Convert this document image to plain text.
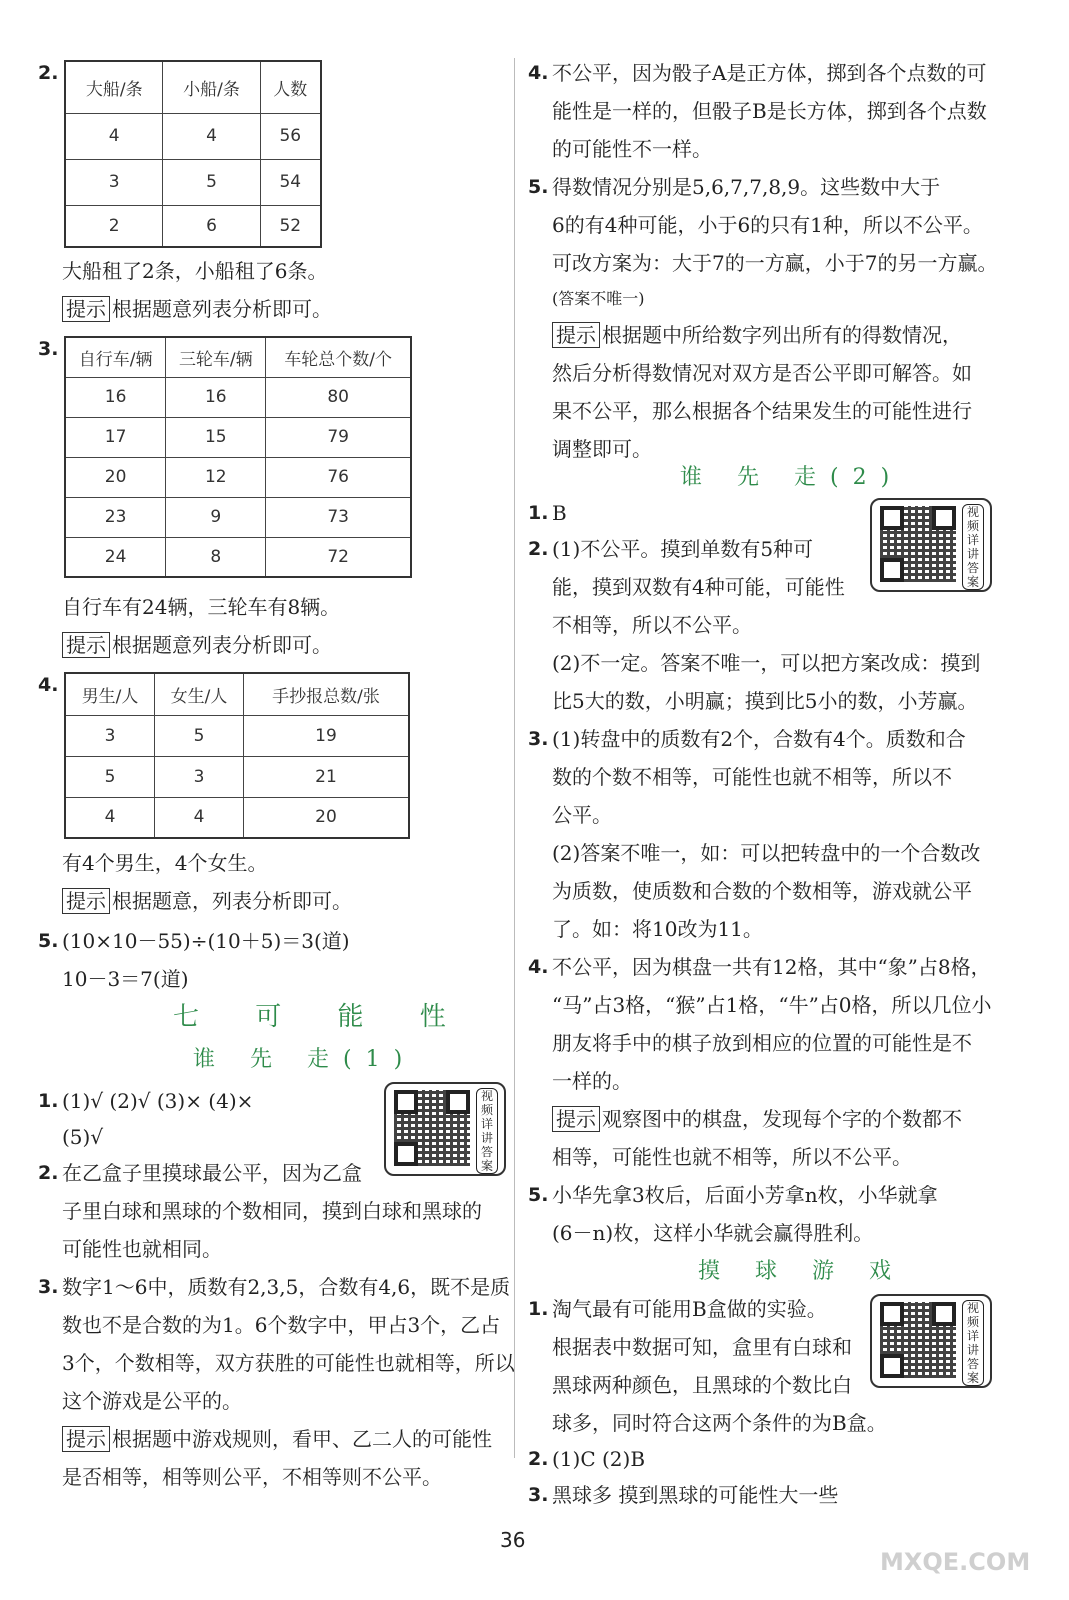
2.
大船/条	小船/条	人数
4	4	56
3	5	54
2	6	52
大船租了2条，小船租了6条。
提示 根据题意列表分析即可。
3. 自行车/辆	三轮车/辆	车轮总个数/个
16	16	80
17	15	79
20	12	76
23	9	73
24	8	72
自行车有24辆，三轮车有8辆。
提示 根据题意列表分析即可。
4.
男生/人	女生/人	手抄报总数/张
3	5	19
5	3	21
4	4	20
有4个男生，4个女生。
提示 根据题意，列表分析即可。
5. (10×10－55)÷(10＋5)＝3(道)
10－3＝7(道)
七 可 能 性
谁 先 走(1)
1. (1)√ (2)√ (3)× (4)×
(5)√
视频详讲答案
2. 在乙盒子里摸球最公平，因为乙盒
子里白球和黑球的个数相同，摸到白球和黑球的
可能性也就相同。
3. 数字1～6中，质数有2,3,5，合数有4,6，既不是质
数也不是合数的为1。6个数字中，甲占3个，乙占
3个，个数相等，双方获胜的可能性也就相等，所以
这个游戏是公平的。
提示 根据题中游戏规则，看甲、乙二人的可能性
是否相等，相等则公平，不相等则不公平。
4. 不公平，因为骰子A是正方体，掷到各个点数的可
能性是一样的，但骰子B是长方体，掷到各个点数
的可能性不一样。
5. 得数情况分别是5,6,7,7,8,9。这些数中大于
6的有4种可能，小于6的只有1种，所以不公平。
可改方案为：大于7的一方赢，小于7的另一方赢。
(答案不唯一)
提示 根据题中所给数字列出所有的得数情况，
然后分析得数情况对双方是否公平即可解答。如
果不公平，那么根据各个结果发生的可能性进行
调整即可。
谁 先 走(2)
视频详讲答案
1. B
2. (1)不公平。摸到单数有5种可
能，摸到双数有4种可能，可能性
不相等，所以不公平。
(2)不一定。答案不唯一，可以把方案改成：摸到
比5大的数，小明赢；摸到比5小的数，小芳赢。
3. (1)转盘中的质数有2个，合数有4个。质数和合
数的个数不相等，可能性也就不相等，所以不
公平。
(2)答案不唯一，如：可以把转盘中的一个合数改
为质数，使质数和合数的个数相等，游戏就公平
了。如：将10改为11。
4. 不公平，因为棋盘一共有12格，其中“象”占8格，
“马”占3格，“猴”占1格，“牛”占0格，所以几位小
朋友将手中的棋子放到相应的位置的可能性是不
一样的。
提示 观察图中的棋盘，发现每个字的个数都不
相等，可能性也就不相等，所以不公平。
5. 小华先拿3枚后，后面小芳拿n枚，小华就拿
(6－n)枚，这样小华就会赢得胜利。
摸 球 游 戏
视频详讲答案
1. 淘气最有可能用B盒做的实验。
根据表中数据可知，盒里有白球和
黑球两种颜色，且黑球的个数比白
球多，同时符合这两个条件的为B盒。
2. (1)C (2)B
3. 黑球多 摸到黑球的可能性大一些
36
MXQE.COM
